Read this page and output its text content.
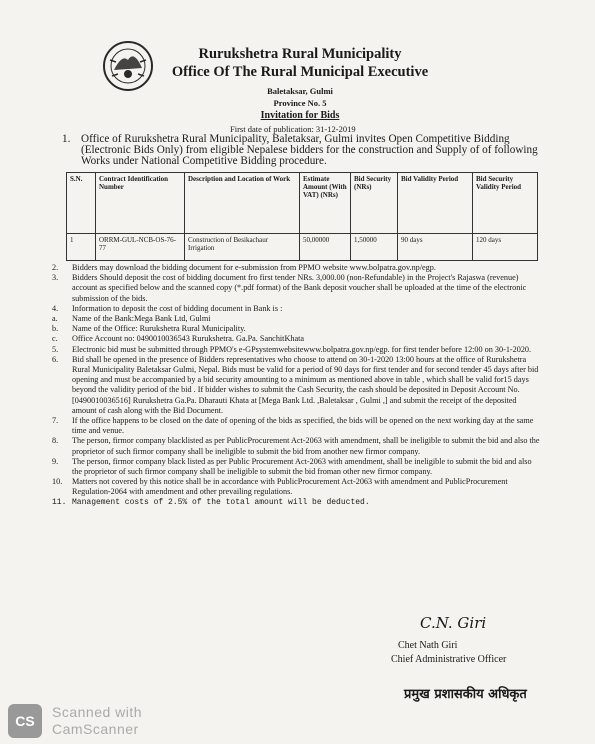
Rurukshetra Rural Municipality
Office Of The Rural Municipal Executive
Baletaksar, Gulmi
Province No. 5
Invitation for Bids
First date of publication: 31-12-2019
1. Office of Rurukshetra Rural Municipality, Baletaksar, Gulmi invites Open Competitive Bidding (Electronic Bids Only) from eligible Nepalese bidders for the construction and Supply of of following Works under National Competitive Bidding procedure.
S.N.	Contract Identification Number	Description and Location of Work	Estimate Amount (With VAT) (NRs)	Bid Security (NRs)	Bid Validity Period	Bid Security Validity Period
1	ORRM-GUL-NCB-OS-76-77	Construction of Besikachaur Irrigation	50,00000	1,50000	90 days	120 days
2. Bidders may download the bidding document for e-submission from PPMO website www.bolpatra.gov.np/egp.
3. Bidders Should deposit the cost of bidding document fro first tender NRs. 3,000.00 (non-Refundable) in the Project's Rajaswa (revenue) account as specified below and the scanned copy (*.pdf format) of the Bank deposit voucher shall be uploaded at the time of the electronic submission of the bids.
4. Information to deposit the cost of bidding document in Bank is :
a. Name of the Bank:Mega Bank Ltd, Gulmi
b. Name of the Office: Rurukshetra Rural Municipality.
c. Office Account no: 0490010036543 Rurukshetra. Ga.Pa. SanchitKhata
5. Electronic bid must be submitted through PPMO's e-GPsystemwebsitewww.bolpatra.gov.np/egp. for first tender before 12:00 on 30-1-2020.
6. Bid shall be opened in the presence of Bidders representatives who choose to attend on 30-1-2020 13:00 hours at the office of Rurukshetra Rural Municipality Baletaksar Gulmi, Nepal. Bids must be valid for a period of 90 days for first tender and for second tender 45 days after bid opening and must be accompanied by a bid security amounting to a minimum as mentioned above in table , which shall be valid for15 days beyond the validity period of the bid . If bidder wishes to submit the Cash Security, the cash should be deposited in Deposit Account No.[0490010036516] Rurukshetra Ga.Pa. Dharauti Khata at [Mega Bank Ltd. ,Baletaksar , Gulmi ,] and submit the receipt of the deposited amount of cash along with the Bid Document.
7. If the office happens to be closed on the date of opening of the bids as specified, the bids will be opened on the next working day at the same time and venue.
8. The person, firmor company blacklisted as per PublicProcurement Act-2063 with amendment, shall be ineligible to submit the bid and also the proprietor of such firmor company shall be ineligible to submit the bid from another new firmor company.
9. The person, firmor company black listed as per Public Procurement Act-2063 with amendment, shall be ineligible to submit the bid and also the proprietor of such firmor company shall be ineligible to submit the bid froman other new firmor company.
10. Matters not covered by this notice shall be in accordance with PublicProcurement Act-2063 with amendment and PublicProcurement Regulation-2064 with amendment and other prevailing regulations.
11. Management costs of 2.5% of the total amount will be deducted.
C.N. Giri
Chet Nath Giri
Chief Administrative Officer
प्रमुख प्रशासकीय अधिकृत
CS
Scanned with
CamScanner
